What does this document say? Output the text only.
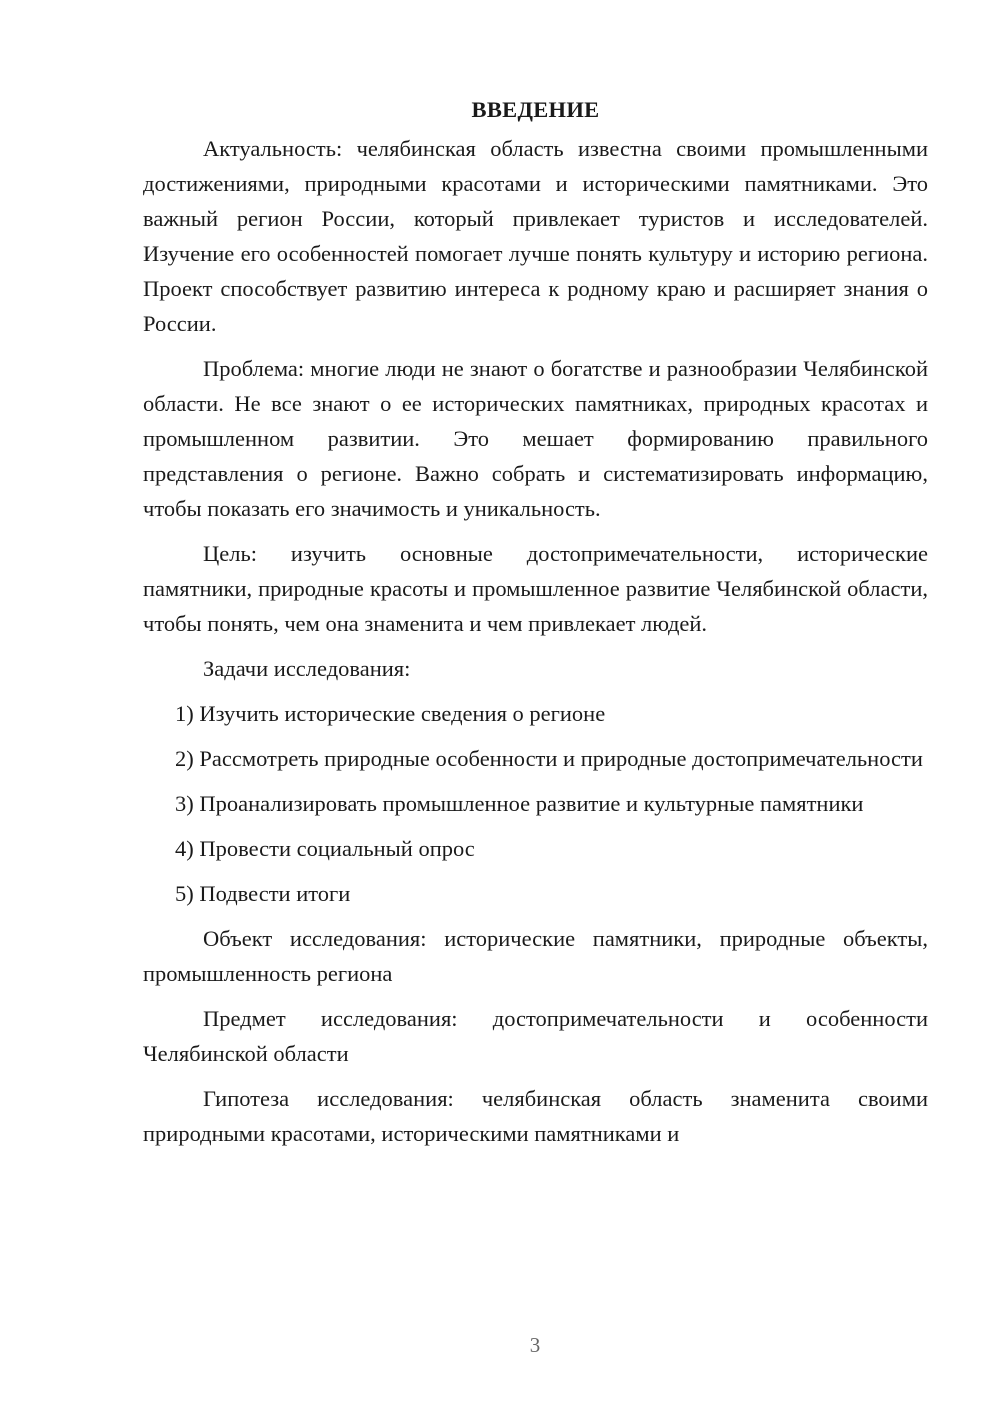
ВВЕДЕНИЕ

Актуальность: челябинская область известна своими промышленными достижениями, природными красотами и историческими памятниками. Это важный регион России, который привлекает туристов и исследователей. Изучение его особенностей помогает лучше понять культуру и историю региона. Проект способствует развитию интереса к родному краю и расширяет знания о России.

Проблема: многие люди не знают о богатстве и разнообразии Челябинской области. Не все знают о ее исторических памятниках, природных красотах и промышленном развитии. Это мешает формированию правильного представления о регионе. Важно собрать и систематизировать информацию, чтобы показать его значимость и уникальность.

Цель: изучить основные достопримечательности, исторические памятники, природные красоты и промышленное развитие Челябинской области, чтобы понять, чем она знаменита и чем привлекает людей.

Задачи исследования:

1) Изучить исторические сведения о регионе

2) Рассмотреть природные особенности и природные достопримечательности

3) Проанализировать промышленное развитие и культурные памятники

4) Провести социальный опрос

5) Подвести итоги

Объект исследования: исторические памятники, природные объекты, промышленность региона

Предмет исследования: достопримечательности и особенности Челябинской области

Гипотеза исследования: челябинская область знаменита своими природными красотами, историческими памятниками и

3
